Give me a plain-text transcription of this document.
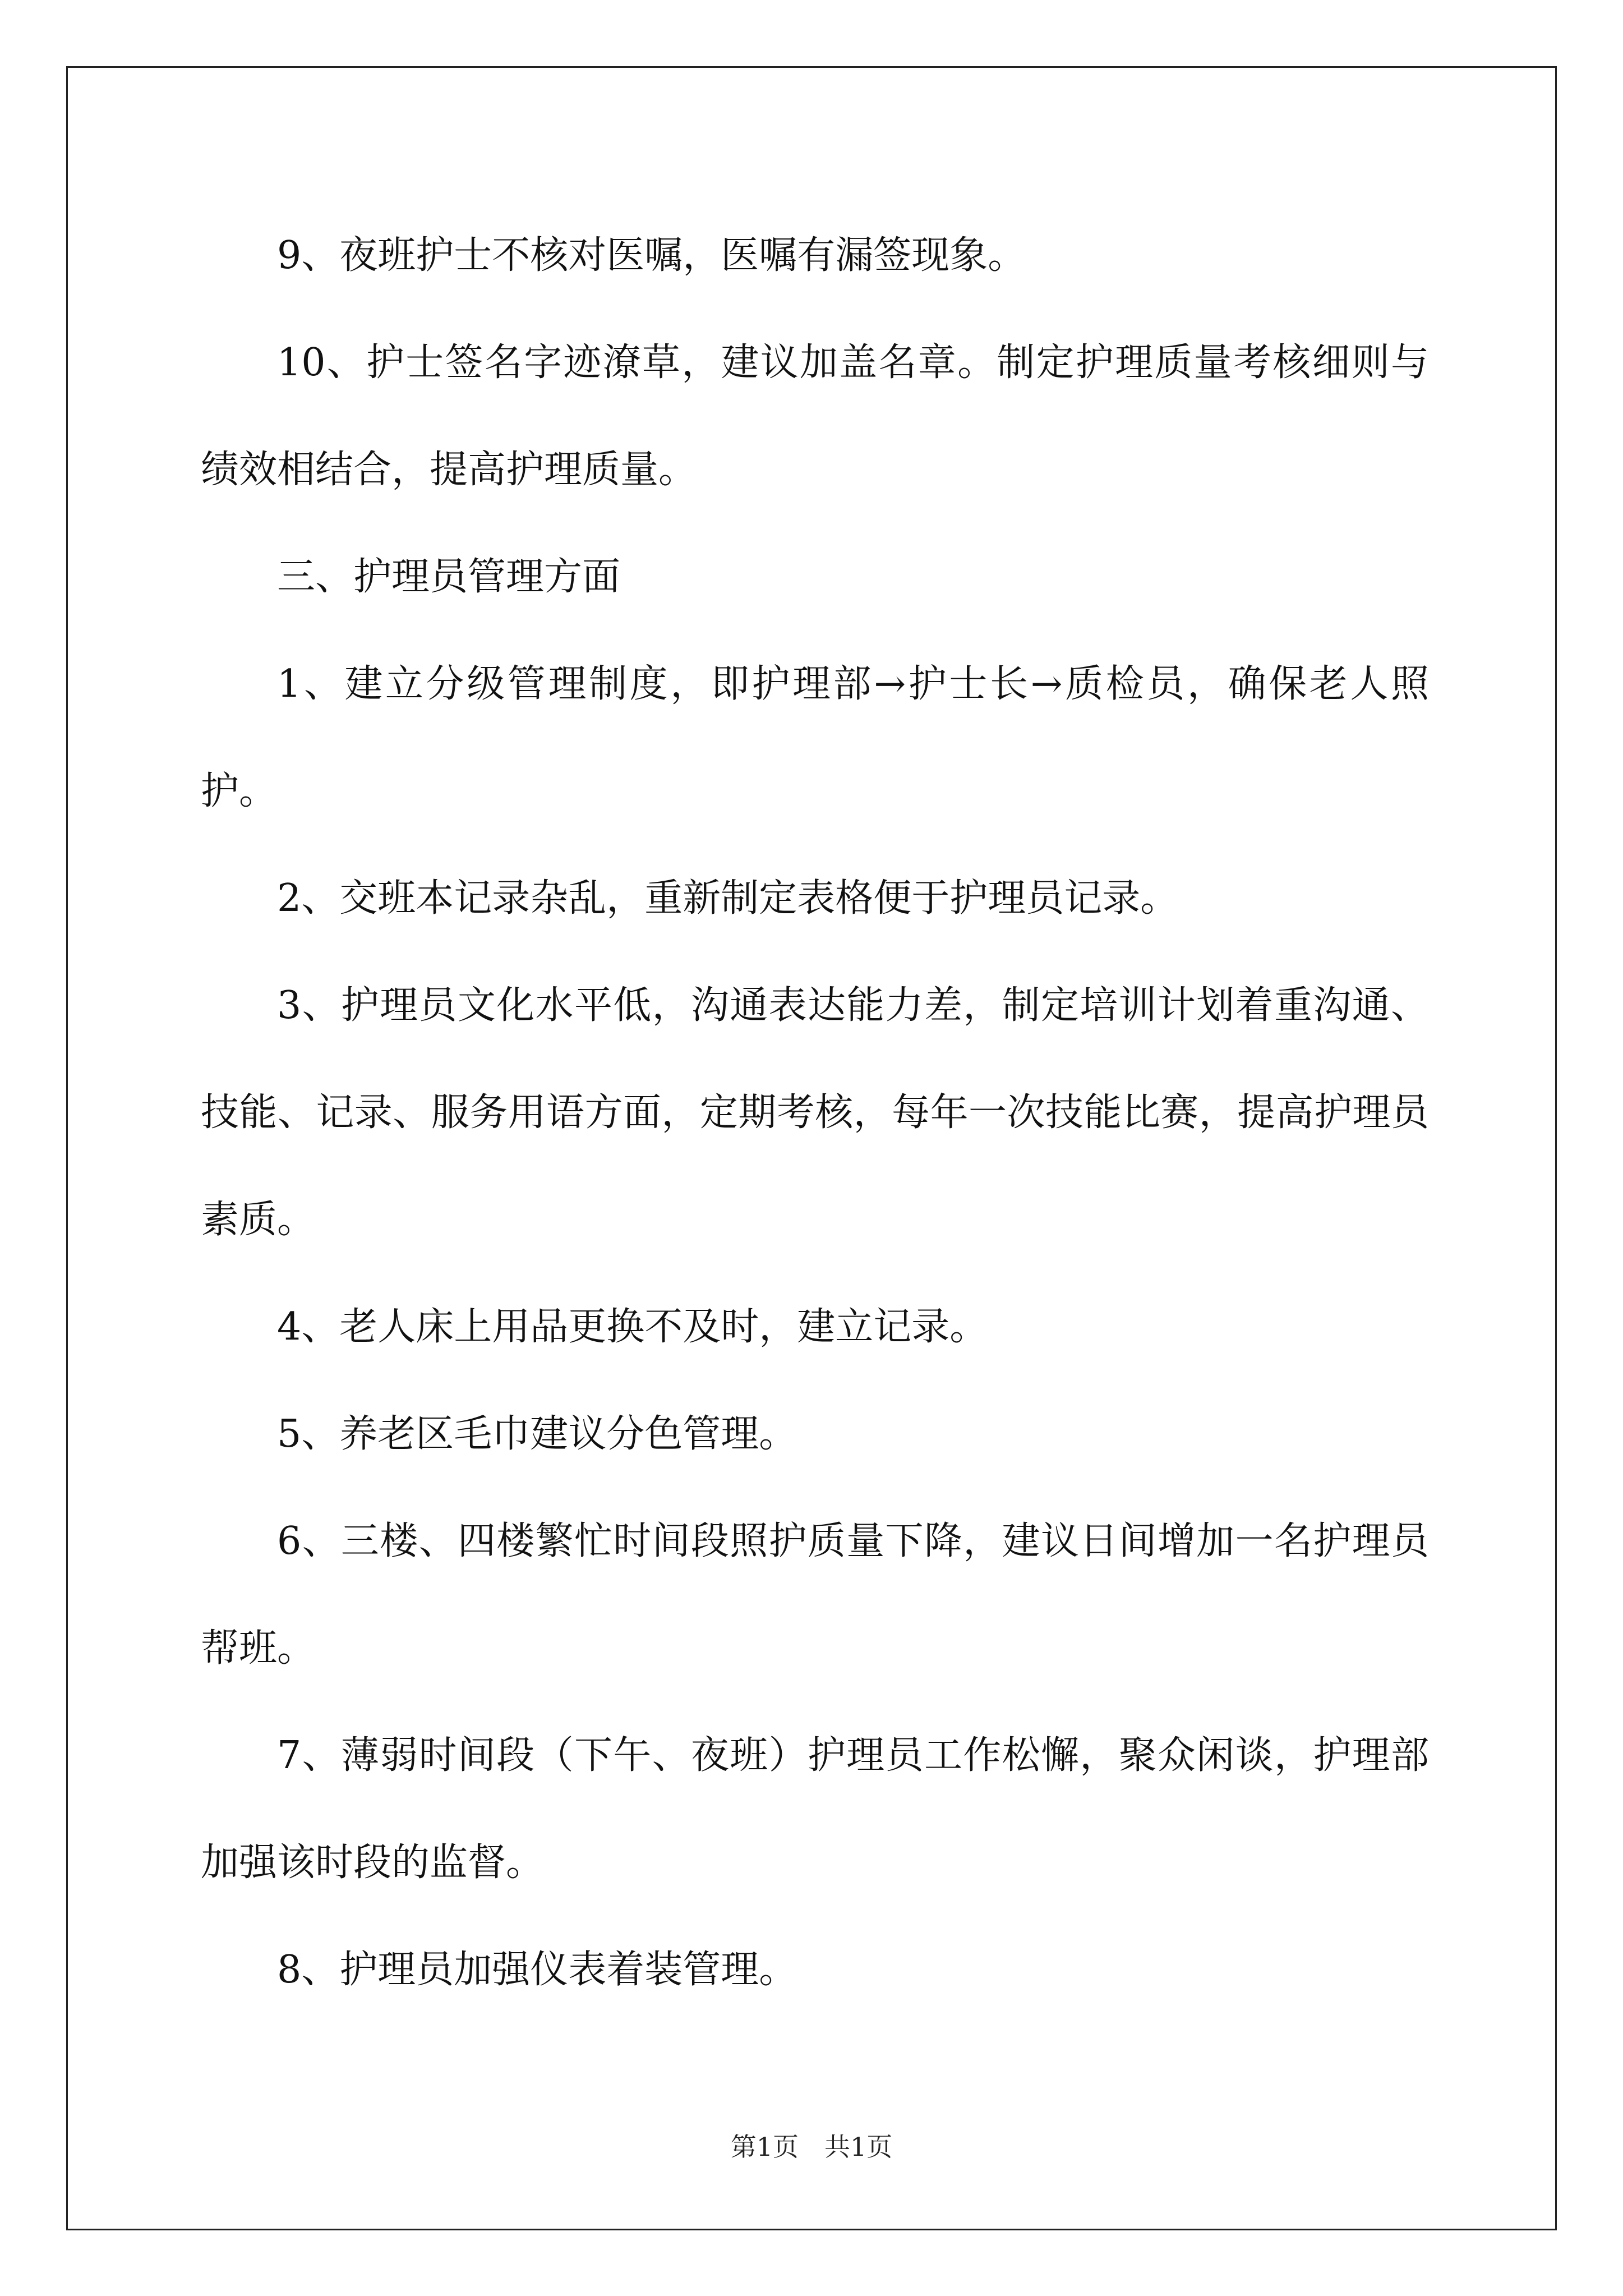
9、夜班护士不核对医嘱，医嘱有漏签现象。

10、护士签名字迹潦草，建议加盖名章。制定护理质量考核细则与绩效相结合，提高护理质量。

三、护理员管理方面

1、建立分级管理制度，即护理部→护士长→质检员，确保老人照护。

2、交班本记录杂乱，重新制定表格便于护理员记录。

3、护理员文化水平低，沟通表达能力差，制定培训计划着重沟通、技能、记录、服务用语方面，定期考核，每年一次技能比赛，提高护理员素质。

4、老人床上用品更换不及时，建立记录。

5、养老区毛巾建议分色管理。

6、三楼、四楼繁忙时间段照护质量下降，建议日间增加一名护理员帮班。

7、薄弱时间段（下午、夜班）护理员工作松懈，聚众闲谈，护理部加强该时段的监督。

8、护理员加强仪表着装管理。

第1页　共1页
